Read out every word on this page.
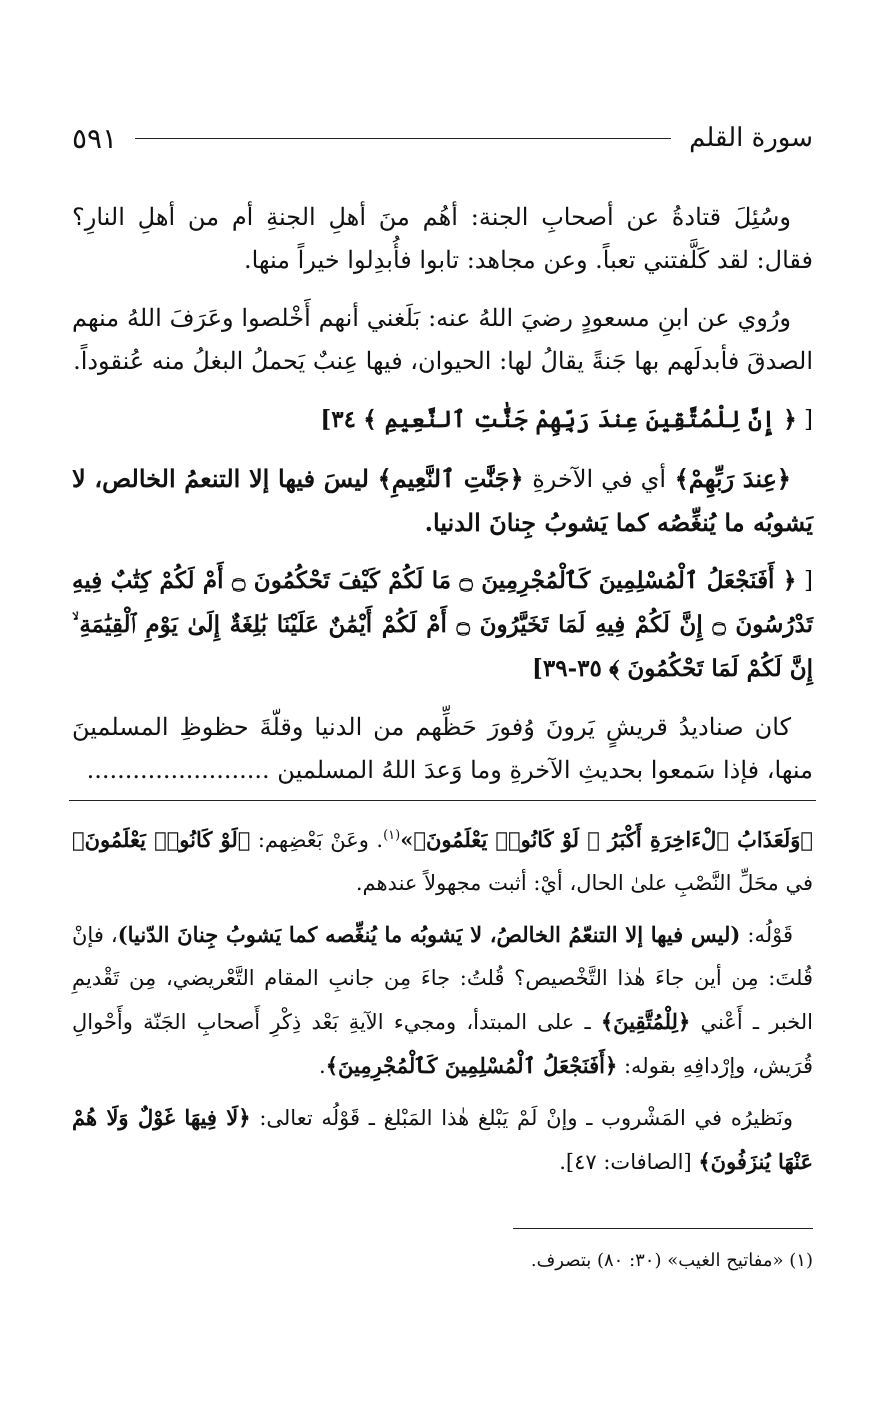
سورة القلم
٥٩١

وسُئِلَ قتادةُ عن أصحابِ الجنة: أهُم منَ أهلِ الجنةِ أم من أهلِ النارِ؟ فقال: لقد كَلَّفتني تعباً. وعن مجاهد: تابوا فأُبدِلوا خيراً منها.

ورُوي عن ابنِ مسعودٍ رضيَ اللهُ عنه: بَلَغني أنهم أَخْلصوا وعَرَفَ اللهُ منهم الصدقَ فأبدلَهم بها جَنةً يقالُ لها: الحيوان، فيها عِنبٌ يَحملُ البغلُ منه عُنقوداً.

[ ﴿ إِنَّ لِلْمُتَّقِينَ عِندَ رَبِّهِمْ جَنَّٰتِ ٱلنَّعِيمِ ﴾ ٣٤]

﴿عِندَ رَبِّهِمْ﴾ أي في الآخرةِ ﴿جَنَّٰتِ ٱلنَّعِيمِ﴾ ليسَ فيها إلا التنعمُ الخالص، لا يَشوبُه ما يُنغِّصُه كما يَشوبُ جِنانَ الدنيا.

[ ﴿ أَفَنَجْعَلُ ٱلْمُسْلِمِينَ كَٱلْمُجْرِمِينَ ۝ مَا لَكُمْ كَيْفَ تَحْكُمُونَ ۝ أَمْ لَكُمْ كِتَٰبٌ فِيهِ تَدْرُسُونَ ۝ إِنَّ لَكُمْ فِيهِ لَمَا تَخَيَّرُونَ ۝ أَمْ لَكُمْ أَيْمَٰنٌ عَلَيْنَا بَٰلِغَةٌ إِلَىٰ يَوْمِ ٱلْقِيَٰمَةِ ۙ إِنَّ لَكُمْ لَمَا تَحْكُمُونَ ﴾ ٣٥-٣٩]

كان صناديدُ قريشٍ يَرونَ وُفورَ حَظِّهم من الدنيا وقلّةَ حظوظِ المسلمينَ منها، فإذا سَمعوا بحديثِ الآخرةِ وما وَعدَ اللهُ المسلمين ........................

﴿وَلَعَذَابُ ٱلْءَاخِرَةِ أَكْبَرُ ۚ لَوْ كَانُوا۟ يَعْلَمُونَ﴾»$^{(١)}$. وعَنْ بَعْضِهم: ﴿لَوْ كَانُوا۟ يَعْلَمُونَ﴾ في محَلِّ النَّصْبِ علىٰ الحال، أيْ: أثبت مجهولاً عندهم.

قَوْلُه: (ليس فيها إلا التنعّمُ الخالصُ، لا يَشوبُه ما يُنغِّصه كما يَشوبُ جِنانَ الدّنيا)، فإنْ قُلتَ: مِن أين جاءَ هٰذا التَّخْصيص؟ قُلتُ: جاءَ مِن جانبِ المقام التَّعْريضي، مِن تَقْديمِ الخبر ـ أَعْني ﴿لِلْمُتَّقِينَ﴾ ـ على المبتدأ، ومجيء الآيةِ بَعْد ذِكْرِ أَصحابِ الجَنّة وأَحْوالِ قُرَيش، وإرْدافِهِ بقوله: ﴿أَفَنَجْعَلُ ٱلْمُسْلِمِينَ كَٱلْمُجْرِمِينَ﴾.

ونَظيرُه في المَشْروب ـ وإنْ لَمْ يَبْلغ هٰذا المَبْلغ ـ قَوْلُه تعالى: ﴿لَا فِيهَا غَوْلٌ وَلَا هُمْ عَنْهَا يُنزَفُونَ﴾ [الصافات: ٤٧].

(١) «مفاتيح الغيب» (٣٠: ٨٠) بتصرف.
